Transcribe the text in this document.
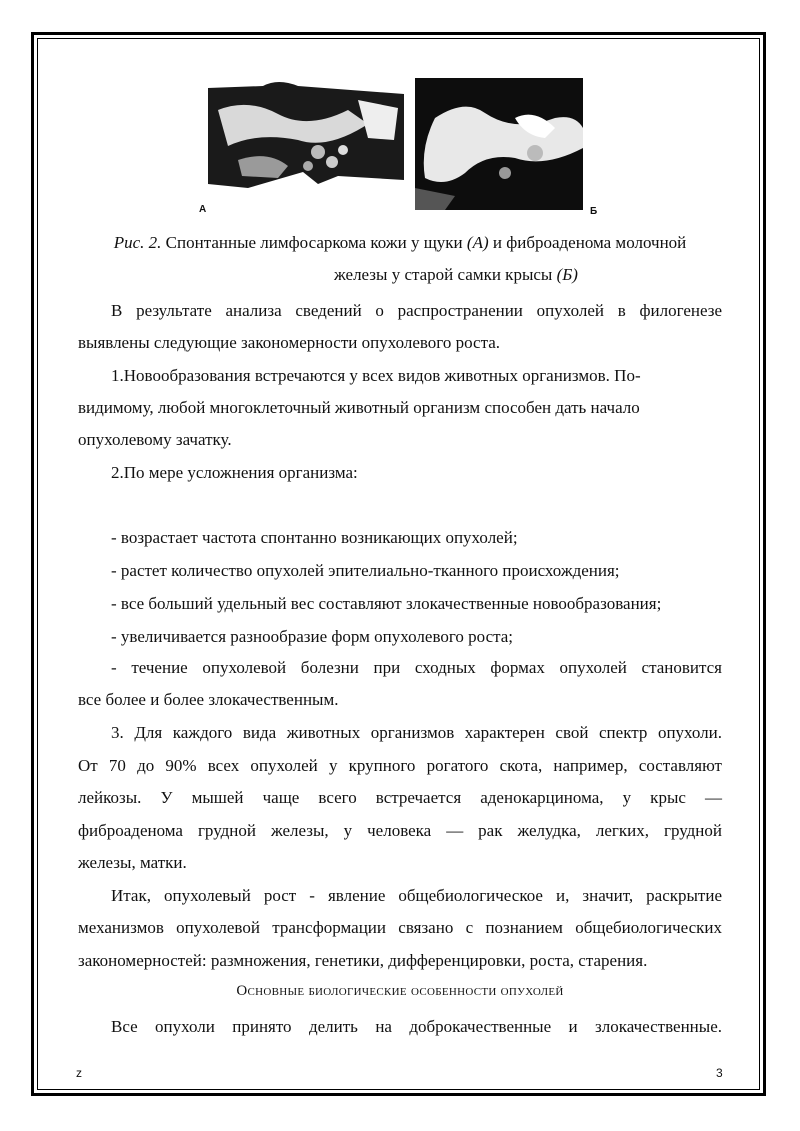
А	Б
Рис. 2. Спонтанные лимфосаркома кожи у щуки (А) и фиброаденома молочной
железы у старой самки крысы (Б)

В результате анализа сведений о распространении опухолей в филогенезе

выявлены следующие закономерности опухолевого роста.

1.Новообразования встречаются у всех видов животных организмов. По-

видимому, любой многоклеточный животный организм способен дать начало

опухолевому зачатку.

2.По мере усложнения организма:

- возрастает частота спонтанно возникающих опухолей;

- растет количество опухолей эпителиально-тканного происхождения;

- все больший удельный вес составляют злокачественные новообразования;

- увеличивается разнообразие форм опухолевого роста;

- течение опухолевой болезни при сходных формах опухолей становится

все более и более злокачественным.

3. Для каждого вида животных организмов характерен свой спектр опухоли.

От 70 до 90% всех опухолей у крупного рогатого скота, например, составляют

лейкозы. У мышей чаще всего встречается аденокарцинома, у крыс —

фиброаденома грудной железы, у человека — рак желудка, легких, грудной

железы, матки.

Итак, опухолевый рост - явление общебиологическое и, значит, раскрытие

механизмов опухолевой трансформации связано с познанием общебиологических

закономерностей: размножения, генетики, дифференцировки, роста, старения.

Основные биологические особенности опухолей

Все опухоли принято делить на доброкачественные и злокачественные.

z	3
